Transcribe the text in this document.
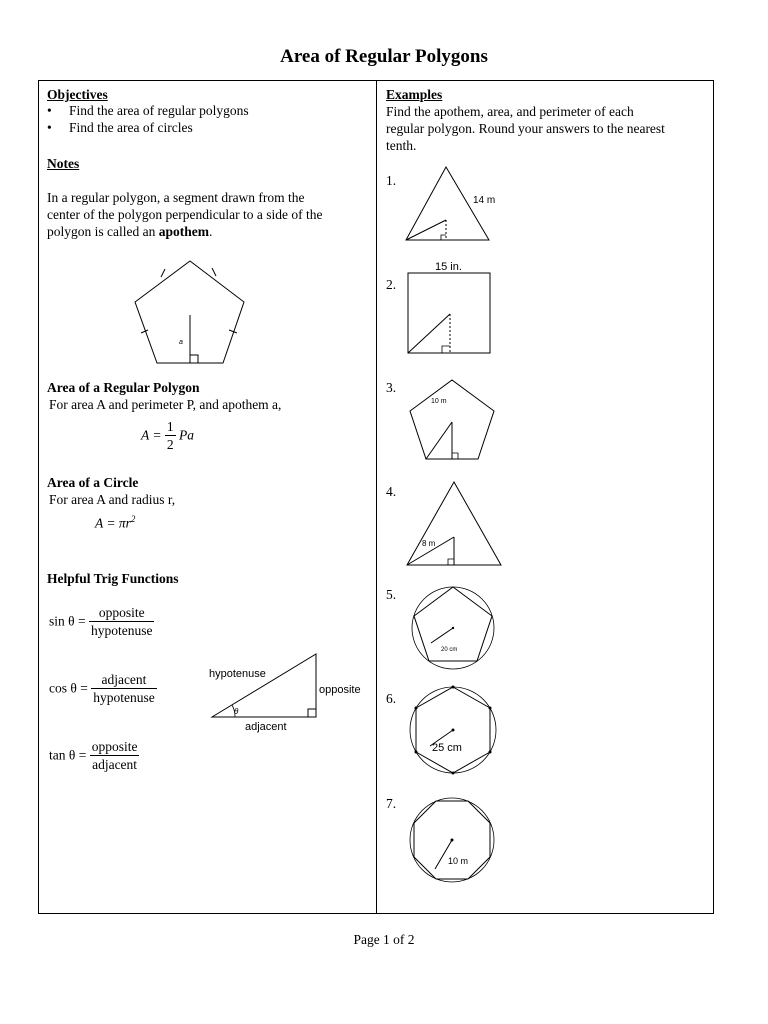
Area of Regular Polygons
Objectives
• Find the area of regular polygons
• Find the area of circles
Notes
In a regular polygon, a segment drawn from the
center of the polygon perpendicular to a side of the
polygon is called an apothem.
a
Area of a Regular Polygon
For area A and perimeter P, and apothem a,
$A = \frac{1}{2}$ Pa
Area of a Circle
For area A and radius r,
$A = \pi r^2$
Helpful Trig Functions
$\sin \theta = \frac{\text{opposite}}{\text{hypotenuse}}$
$\cos \theta = \frac{\text{adjacent}}{\text{hypotenuse}}$
$\tan \theta = \frac{\text{opposite}}{\text{adjacent}}$
hypotenuse
opposite
adjacent
θ
Examples
Find the apothem, area, and perimeter of each
regular polygon. Round your answers to the nearest
tenth.
1.
14 m
2.
15 in.
3.
10 m
4.
8 m
5.
20 cm
6.
25 cm
7.
10 m
Page 1 of 2
